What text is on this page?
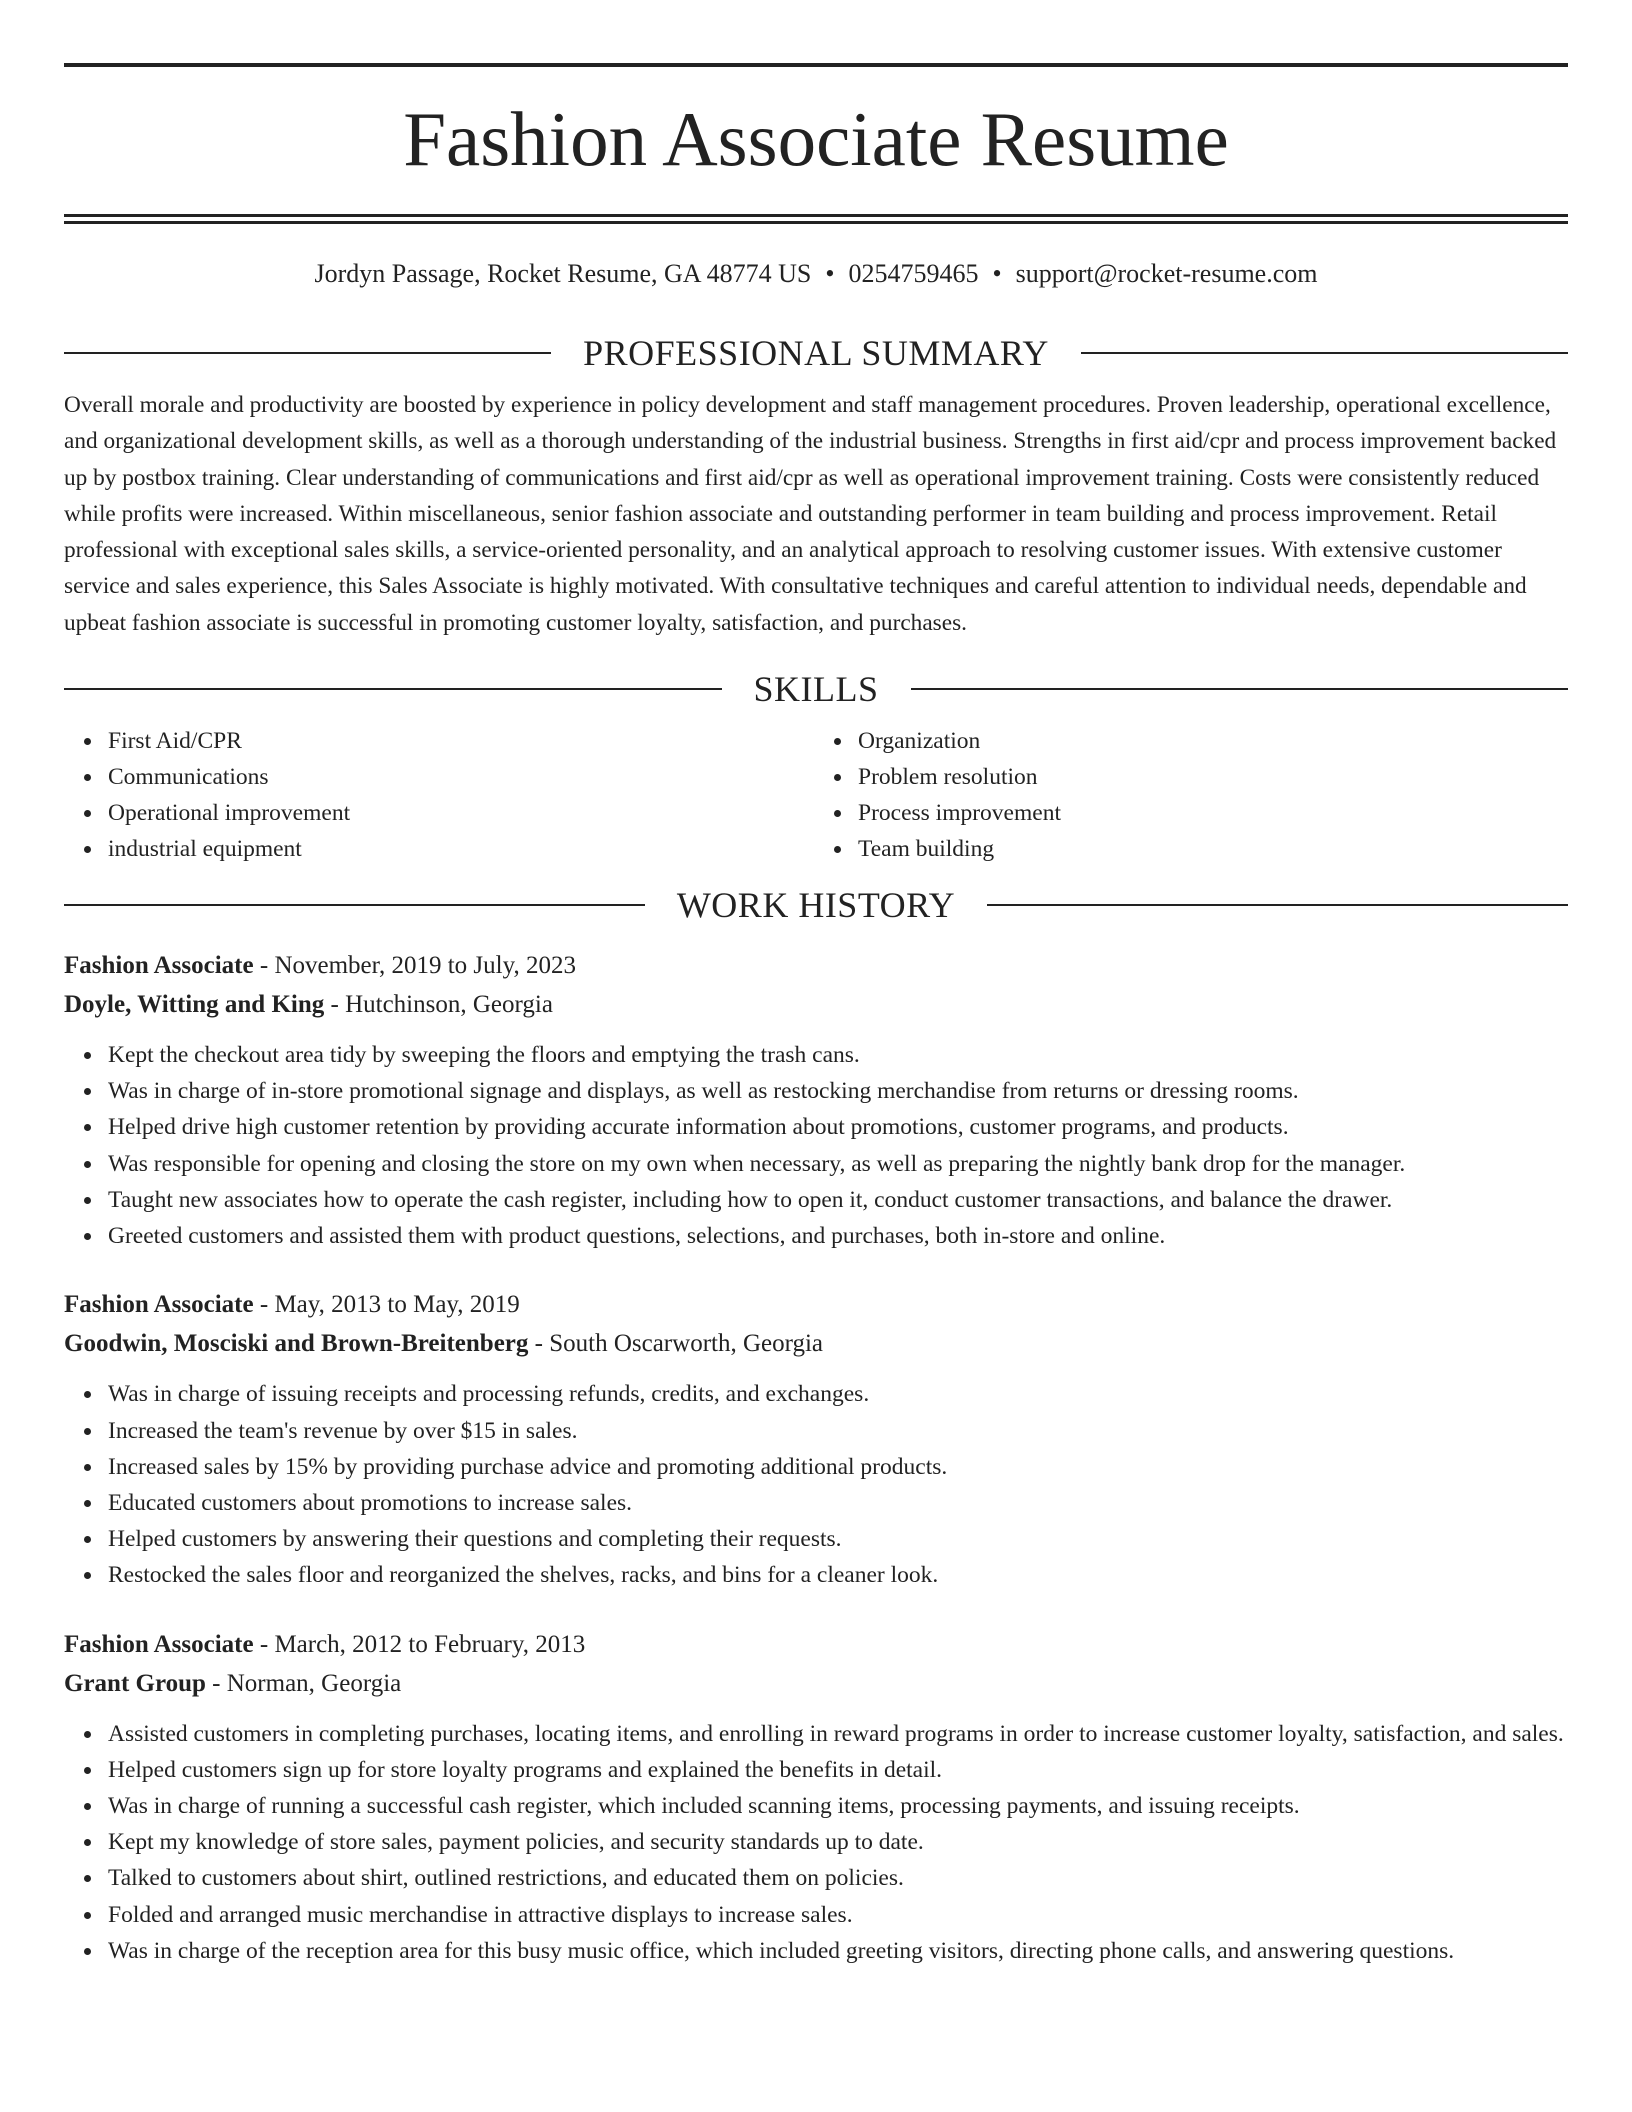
Fashion Associate Resume
Jordyn Passage, Rocket Resume, GA 48774 US • 0254759465 • support@rocket-resume.com
PROFESSIONAL SUMMARY
Overall morale and productivity are boosted by experience in policy development and staff management procedures. Proven leadership, operational excellence, and organizational development skills, as well as a thorough understanding of the industrial business. Strengths in first aid/cpr and process improvement backed up by postbox training. Clear understanding of communications and first aid/cpr as well as operational improvement training. Costs were consistently reduced while profits were increased. Within miscellaneous, senior fashion associate and outstanding performer in team building and process improvement. Retail professional with exceptional sales skills, a service-oriented personality, and an analytical approach to resolving customer issues. With extensive customer service and sales experience, this Sales Associate is highly motivated. With consultative techniques and careful attention to individual needs, dependable and upbeat fashion associate is successful in promoting customer loyalty, satisfaction, and purchases.
SKILLS
First Aid/CPR
Communications
Operational improvement
industrial equipment
Organization
Problem resolution
Process improvement
Team building
WORK HISTORY
Fashion Associate - November, 2019 to July, 2023
Doyle, Witting and King - Hutchinson, Georgia
Kept the checkout area tidy by sweeping the floors and emptying the trash cans.
Was in charge of in-store promotional signage and displays, as well as restocking merchandise from returns or dressing rooms.
Helped drive high customer retention by providing accurate information about promotions, customer programs, and products.
Was responsible for opening and closing the store on my own when necessary, as well as preparing the nightly bank drop for the manager.
Taught new associates how to operate the cash register, including how to open it, conduct customer transactions, and balance the drawer.
Greeted customers and assisted them with product questions, selections, and purchases, both in-store and online.
Fashion Associate - May, 2013 to May, 2019
Goodwin, Mosciski and Brown-Breitenberg - South Oscarworth, Georgia
Was in charge of issuing receipts and processing refunds, credits, and exchanges.
Increased the team's revenue by over $15 in sales.
Increased sales by 15% by providing purchase advice and promoting additional products.
Educated customers about promotions to increase sales.
Helped customers by answering their questions and completing their requests.
Restocked the sales floor and reorganized the shelves, racks, and bins for a cleaner look.
Fashion Associate - March, 2012 to February, 2013
Grant Group - Norman, Georgia
Assisted customers in completing purchases, locating items, and enrolling in reward programs in order to increase customer loyalty, satisfaction, and sales.
Helped customers sign up for store loyalty programs and explained the benefits in detail.
Was in charge of running a successful cash register, which included scanning items, processing payments, and issuing receipts.
Kept my knowledge of store sales, payment policies, and security standards up to date.
Talked to customers about shirt, outlined restrictions, and educated them on policies.
Folded and arranged music merchandise in attractive displays to increase sales.
Was in charge of the reception area for this busy music office, which included greeting visitors, directing phone calls, and answering questions.
